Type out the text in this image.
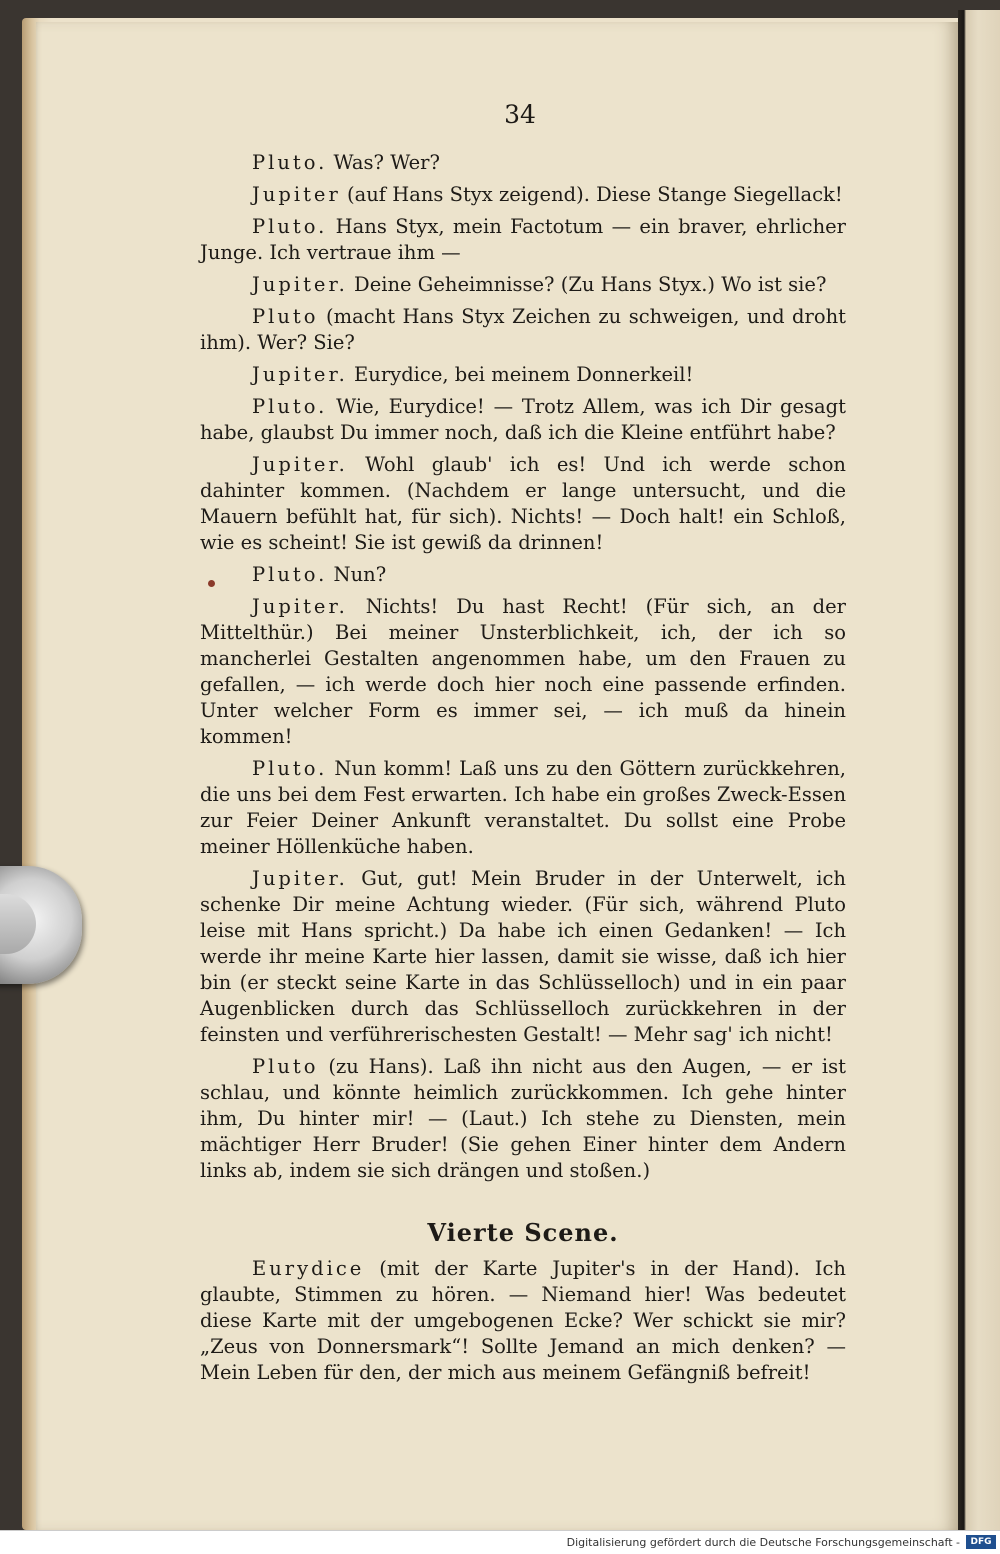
34

Pluto. Was? Wer?

Jupiter (auf Hans Styx zeigend). Diese Stange Siegellack!

Pluto. Hans Styx, mein Factotum — ein braver, ehrlicher Junge. Ich vertraue ihm —

Jupiter. Deine Geheimnisse? (Zu Hans Styx.) Wo ist sie?

Pluto (macht Hans Styx Zeichen zu schweigen, und droht ihm). Wer? Sie?

Jupiter. Eurydice, bei meinem Donnerkeil!

Pluto. Wie, Eurydice! — Trotz Allem, was ich Dir gesagt habe, glaubst Du immer noch, daß ich die Kleine entführt habe?

Jupiter. Wohl glaub' ich es! Und ich werde schon dahinter kommen. (Nachdem er lange untersucht, und die Mauern befühlt hat, für sich). Nichts! — Doch halt! ein Schloß, wie es scheint! Sie ist gewiß da drinnen!

Pluto. Nun?

Jupiter. Nichts! Du hast Recht! (Für sich, an der Mittelthür.) Bei meiner Unsterblichkeit, ich, der ich so mancherlei Gestalten angenommen habe, um den Frauen zu gefallen, — ich werde doch hier noch eine passende erfinden. Unter welcher Form es immer sei, — ich muß da hinein kommen!

Pluto. Nun komm! Laß uns zu den Göttern zurückkehren, die uns bei dem Fest erwarten. Ich habe ein großes Zweck-Essen zur Feier Deiner Ankunft veranstaltet. Du sollst eine Probe meiner Höllenküche haben.

Jupiter. Gut, gut! Mein Bruder in der Unterwelt, ich schenke Dir meine Achtung wieder. (Für sich, während Pluto leise mit Hans spricht.) Da habe ich einen Gedanken! — Ich werde ihr meine Karte hier lassen, damit sie wisse, daß ich hier bin (er steckt seine Karte in das Schlüsselloch) und in ein paar Augenblicken durch das Schlüsselloch zurückkehren in der feinsten und verführerischesten Gestalt! — Mehr sag' ich nicht!

Pluto (zu Hans). Laß ihn nicht aus den Augen, — er ist schlau, und könnte heimlich zurückkommen. Ich gehe hinter ihm, Du hinter mir! — (Laut.) Ich stehe zu Diensten, mein mächtiger Herr Bruder! (Sie gehen Einer hinter dem Andern links ab, indem sie sich drängen und stoßen.)

Vierte Scene.

Eurydice (mit der Karte Jupiter's in der Hand). Ich glaubte, Stimmen zu hören. — Niemand hier! Was bedeutet diese Karte mit der umgebogenen Ecke? Wer schickt sie mir? „Zeus von Donnersmark“! Sollte Jemand an mich denken? — Mein Leben für den, der mich aus meinem Gefängniß befreit!

Digitalisierung gefördert durch die Deutsche Forschungsgemeinschaft -	DFG
